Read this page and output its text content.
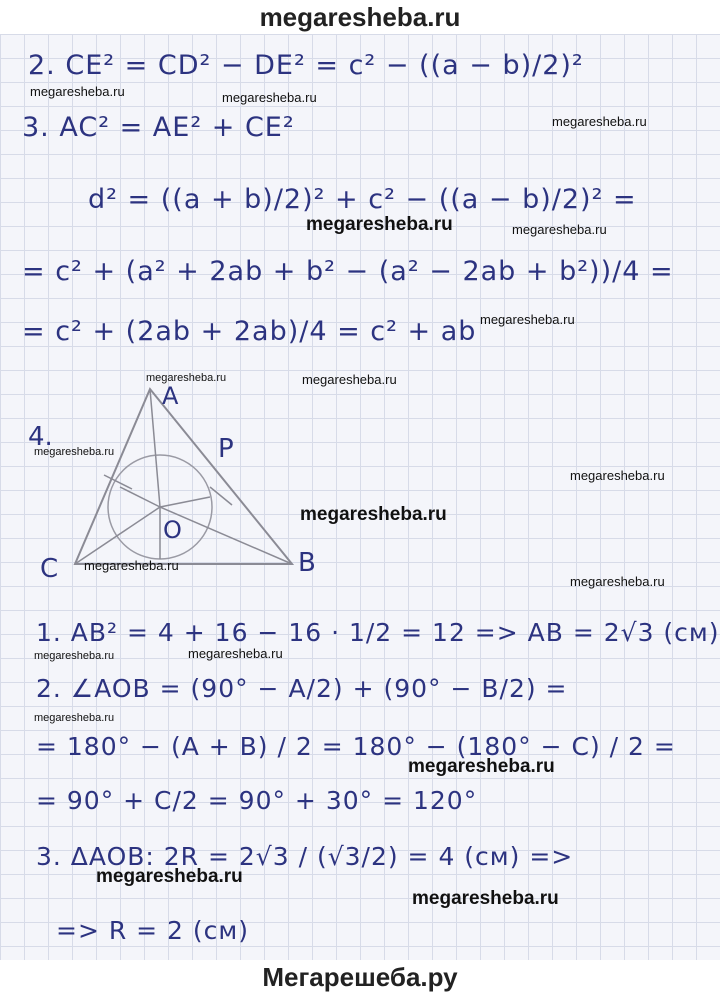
megaresheba.ru
2. CE² = CD² − DE² = c² − ((a − b)/2)²
3. AC² = AE² + CE²
d² = ((a + b)/2)² + c² − ((a − b)/2)² =
= c² + (a² + 2ab + b² − (a² − 2ab + b²))/4 =
= c² + (2ab + 2ab)/4 = c² + ab
4.
A
P
O
C	B
1. AB² = 4 + 16 − 16 · 1/2 = 12 => AB = 2√3 (см)
2. ∠AOB = (90° − A/2) + (90° − B/2) =
= 180° − (A + B) / 2 = 180° − (180° − C) / 2 =
= 90° + C/2 = 90° + 30° = 120°
3. ΔAOB: 2R = 2√3 / (√3/2) = 4 (см) =>
=> R = 2 (см)
megaresheba.ru	megaresheba.ru
megaresheba.ru
megaresheba.ru	megaresheba.ru
megaresheba.ru
megaresheba.ru
megaresheba.ru
megaresheba.ru
megaresheba.ru
megaresheba.ru
megaresheba.ru
megaresheba.ru
megaresheba.ru	megaresheba.ru
megaresheba.ru
megaresheba.ru
megaresheba.ru
megaresheba.ru
Мегарешеба.ру
